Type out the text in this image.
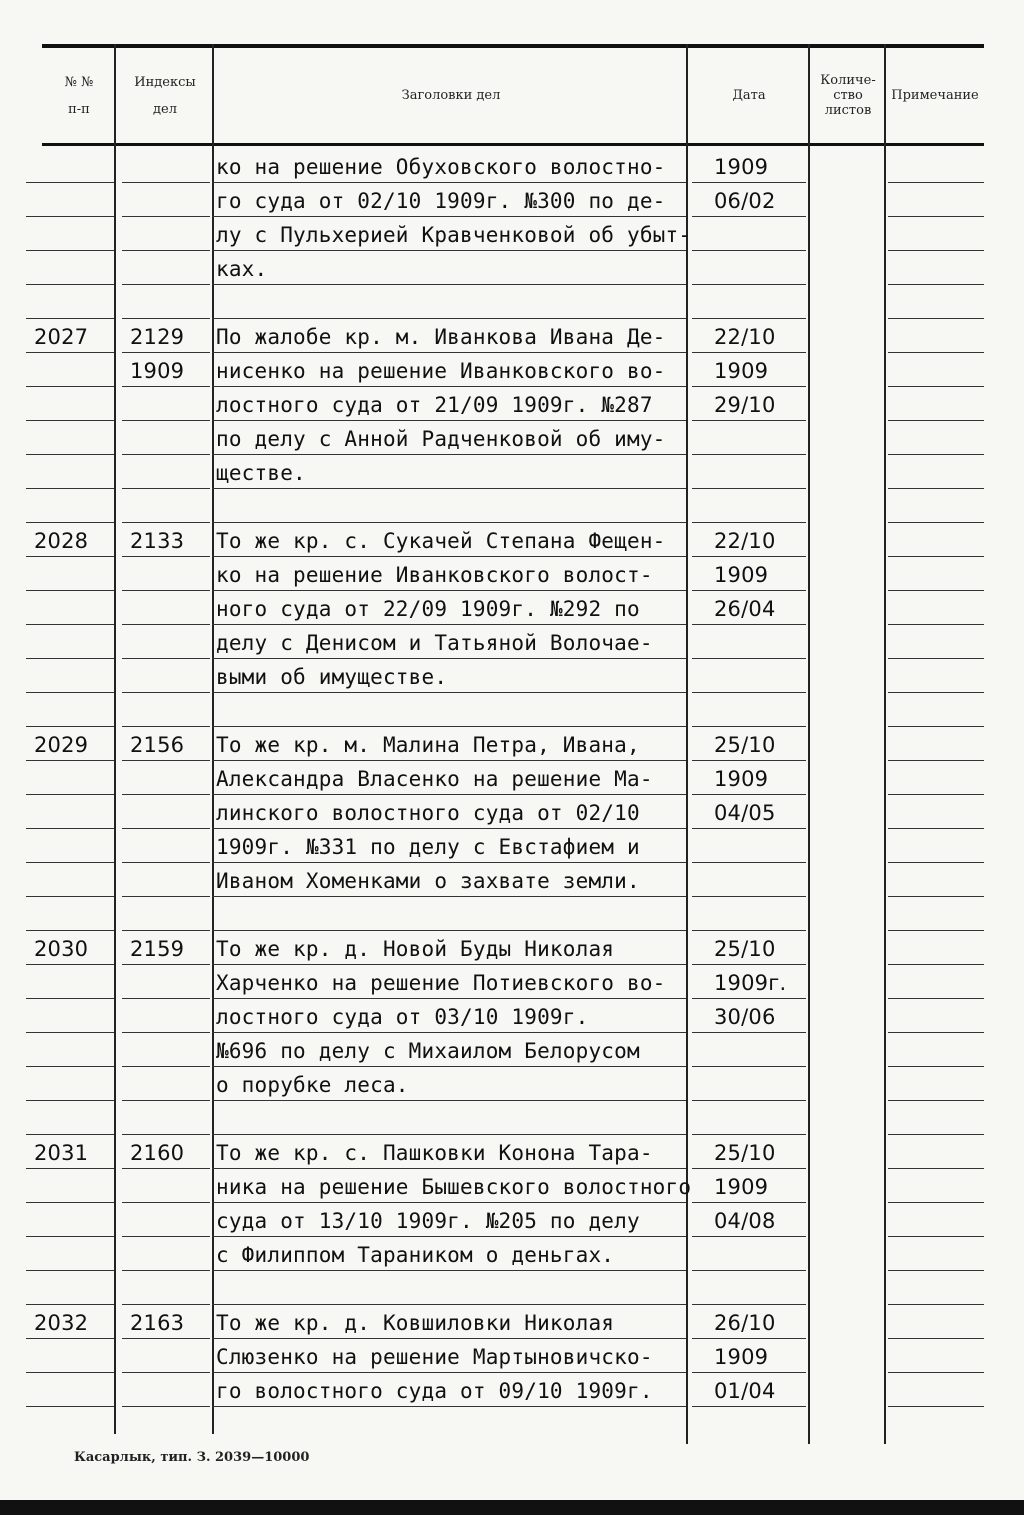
№ №
п-п
Индексы
дел
Заголовки дел	Дата
Количе-
ство
листов
Примечание
ко на решение Обуховского волостно-
го суда от 02/10 1909г. №300 по де-
лу с Пульхерией Кравченковой об убыт-
ках.
1909
06/02
2027 2129
1909
По жалобе кр. м. Иванкова Ивана Де-
нисенко на решение Иванковского во-
лостного суда от 21/09 1909г. №287
по делу с Анной Радченковой об иму-
ществе.
22/10
1909
29/10
2028 2133 То же кр. с. Сукачей Степана Фещен-
ко на решение Иванковского волост-
ного суда от 22/09 1909г. №292 по
делу с Денисом и Татьяной Волочае-
выми об имуществе.
22/10
1909
26/04
2029 2156 То же кр. м. Малина Петра, Ивана,
Александра Власенко на решение Ма-
линского волостного суда от 02/10
1909г. №331 по делу с Евстафием и
Иваном Хоменками о захвате земли.
25/10
1909
04/05
2030 2159 То же кр. д. Новой Буды Николая
Харченко на решение Потиевского во-
лостного суда от 03/10 1909г.
№696 по делу с Михаилом Белорусом
о порубке леса.
25/10
1909г.
30/06
2031 2160 То же кр. с. Пашковки Конона Тара-
ника на решение Бышевского волостного
суда от 13/10 1909г. №205 по делу
с Филиппом Тараником о деньгах.
25/10
1909
04/08
2032 2163 То же кр. д. Ковшиловки Николая
Слюзенко на решение Мартыновичско-
го волостного суда от 09/10 1909г.
26/10
1909
01/04
Касарлык, тип. З. 2039—10000
